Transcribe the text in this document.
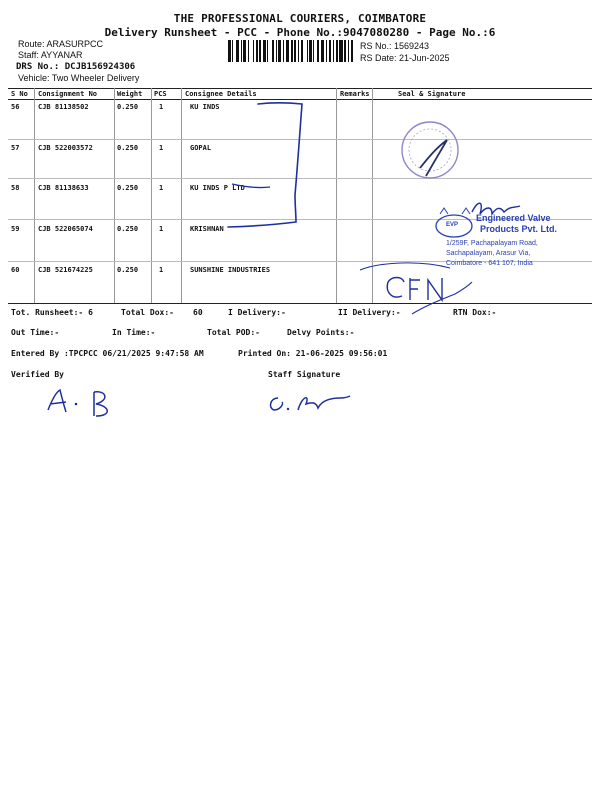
THE PROFESSIONAL COURIERS, COIMBATORE
Delivery Runsheet - PCC - Phone No.:9047080280 - Page No.:6
Route: ARASURPCC
Staff: AYYANAR
DRS No.: DCJB156924306
Vehicle: Two Wheeler Delivery
RS No.: 1569243
RS Date: 21-Jun-2025
S No Consignment No	Weight PCS	Consignee Details	Remarks	Seal & Signature
56	CJB 81138502	0.250	1	KU INDS
57	CJB 522003572	0.250	1	GOPAL
58	CJB 81138633	0.250	1	KU INDS P LTD
59	CJB 522065074	0.250	1	KRISHNAN
60	CJB 521674225	0.250	1	SUNSHINE INDUSTRIES
Engineered Valve
Products Pvt. Ltd.
EVP
1/259F, Pachapalayam Road,
Sachapalayam, Arasur Via,
Coimbatore - 641 107, India
Tot. Runsheet:- 6	Total Dox:- 60	I Delivery:-	II Delivery:-	RTN Dox:-
Out Time:-	In Time:-	Total POD:-	Delvy Points:-
Entered By :TPCPCC 06/21/2025 9:47:58 AM	Printed On: 21-06-2025 09:56:01
Verified By	Staff Signature
